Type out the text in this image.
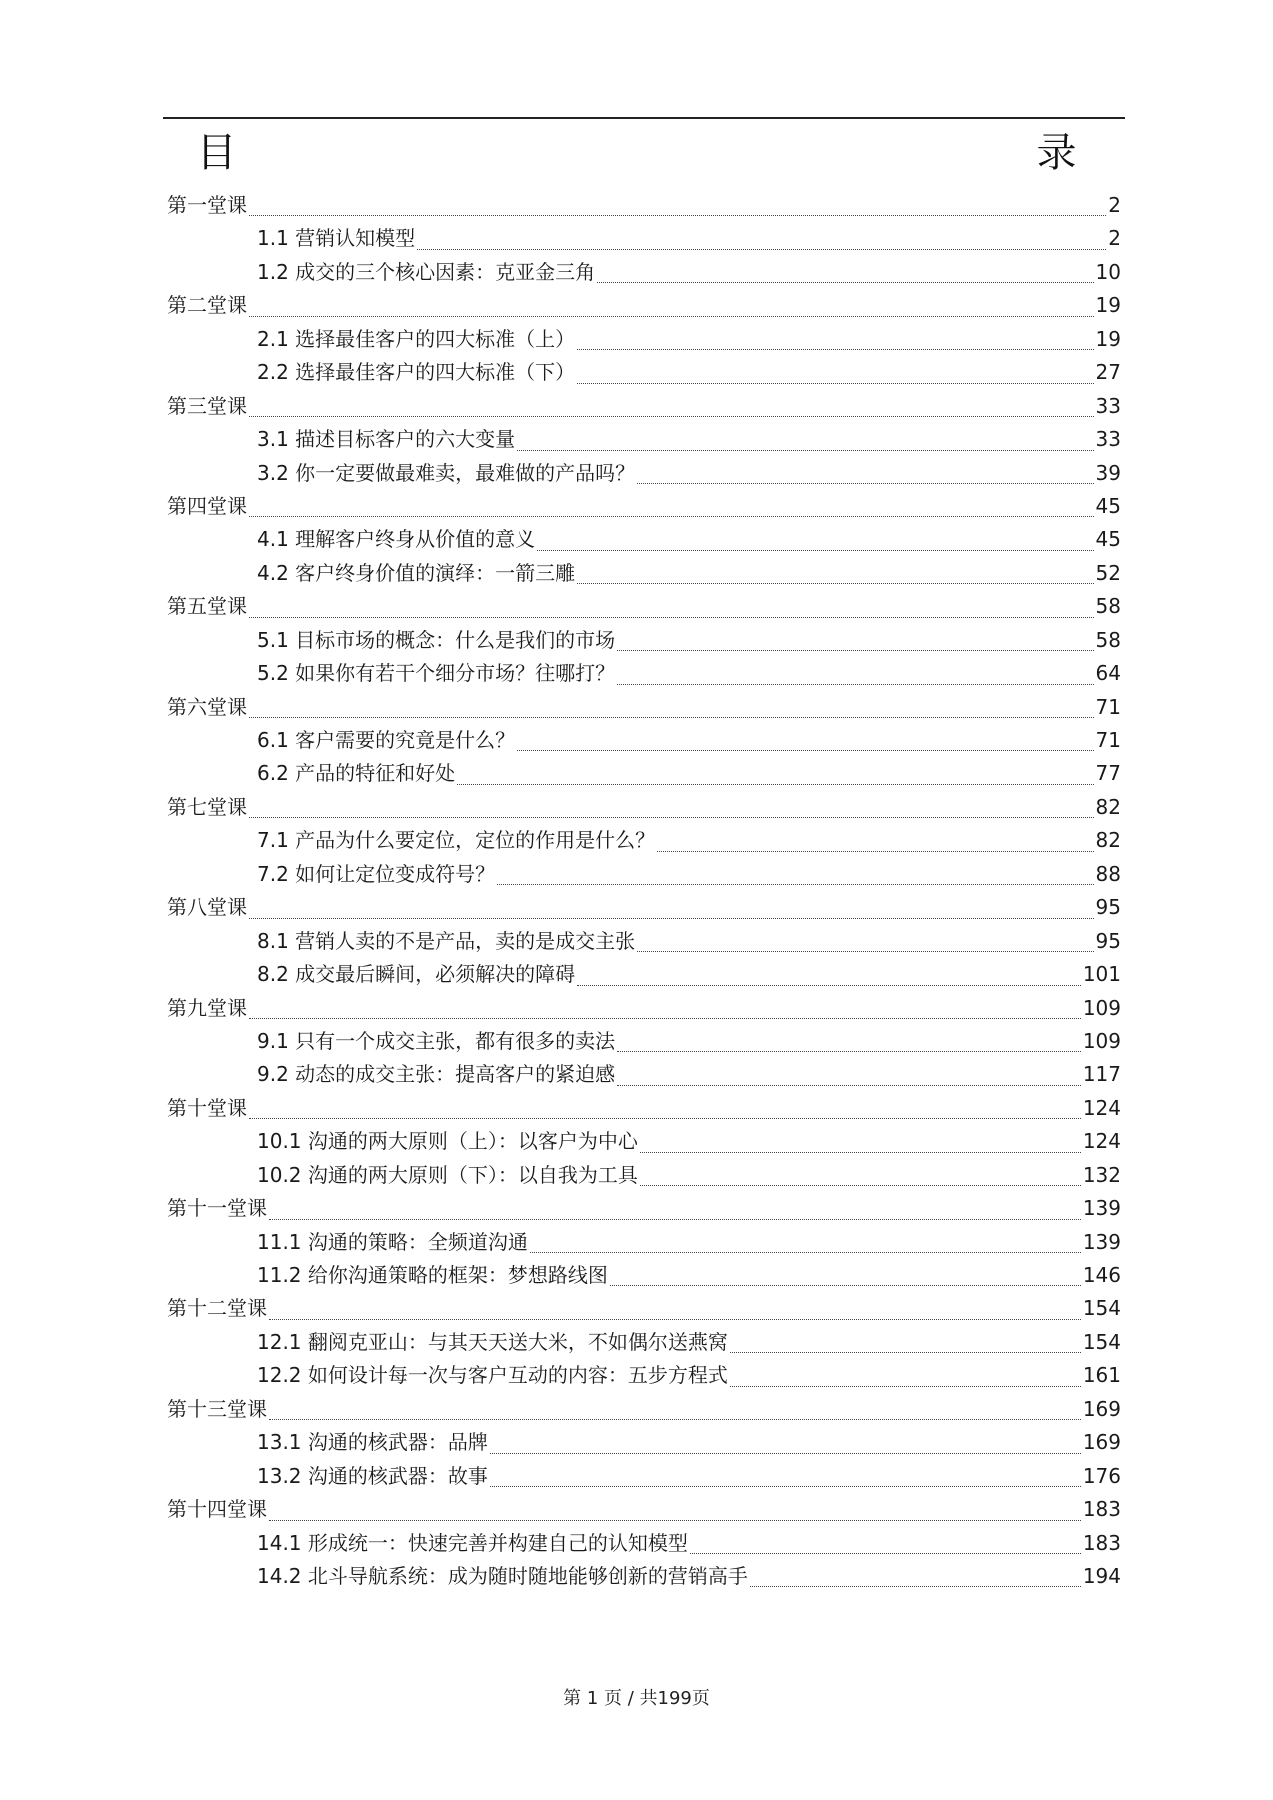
目　　　　录
第一堂课	2
1.1 营销认知模型	2
1.2 成交的三个核心因素：克亚金三角	10
第二堂课	19
2.1 选择最佳客户的四大标准（上）	19
2.2 选择最佳客户的四大标准（下）	27
第三堂课	33
3.1 描述目标客户的六大变量	33
3.2 你一定要做最难卖，最难做的产品吗？	39
第四堂课	45
4.1 理解客户终身从价值的意义	45
4.2 客户终身价值的演绎：一箭三雕	52
第五堂课	58
5.1 目标市场的概念：什么是我们的市场	58
5.2 如果你有若干个细分市场？往哪打？	64
第六堂课	71
6.1 客户需要的究竟是什么？	71
6.2 产品的特征和好处	77
第七堂课	82
7.1 产品为什么要定位，定位的作用是什么？	82
7.2 如何让定位变成符号？	88
第八堂课	95
8.1 营销人卖的不是产品，卖的是成交主张	95
8.2 成交最后瞬间，必须解决的障碍	101
第九堂课	109
9.1 只有一个成交主张，都有很多的卖法	109
9.2 动态的成交主张：提高客户的紧迫感	117
第十堂课	124
10.1 沟通的两大原则（上）：以客户为中心	124
10.2 沟通的两大原则（下）：以自我为工具	132
第十一堂课	139
11.1 沟通的策略：全频道沟通	139
11.2 给你沟通策略的框架：梦想路线图	146
第十二堂课	154
12.1 翻阅克亚山：与其天天送大米，不如偶尔送燕窝	154
12.2 如何设计每一次与客户互动的内容：五步方程式	161
第十三堂课	169
13.1 沟通的核武器：品牌	169
13.2 沟通的核武器：故事	176
第十四堂课	183
14.1 形成统一：快速完善并构建自己的认知模型	183
14.2 北斗导航系统：成为随时随地能够创新的营销高手	194
第 1 页 / 共199页
